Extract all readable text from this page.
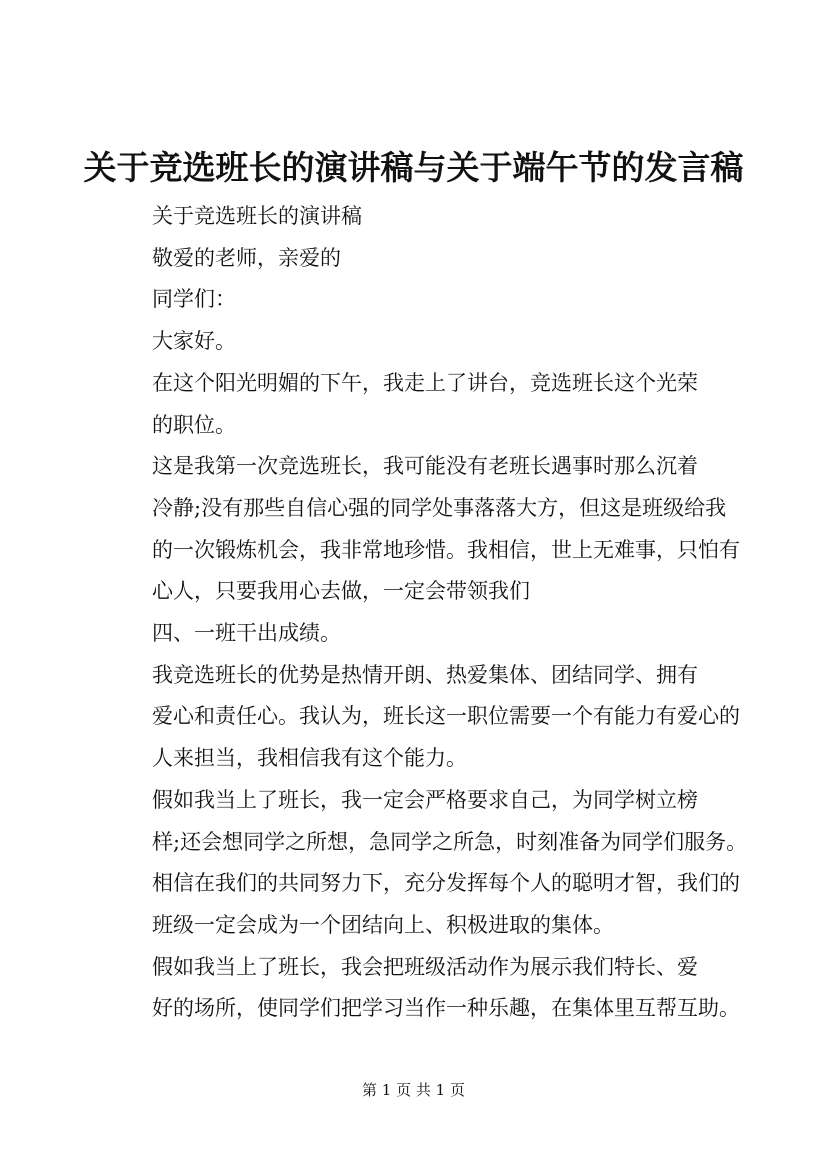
关于竞选班长的演讲稿与关于端午节的发言稿

关于竞选班长的演讲稿

敬爱的老师，亲爱的

同学们：

大家好。

在这个阳光明媚的下午，我走上了讲台，竞选班长这个光荣
的职位。

这是我第一次竞选班长，我可能没有老班长遇事时那么沉着
冷静;没有那些自信心强的同学处事落落大方，但这是班级给我
的一次锻炼机会，我非常地珍惜。我相信，世上无难事，只怕有
心人，只要我用心去做，一定会带领我们

四、一班干出成绩。

我竞选班长的优势是热情开朗、热爱集体、团结同学、拥有
爱心和责任心。我认为，班长这一职位需要一个有能力有爱心的
人来担当，我相信我有这个能力。

假如我当上了班长，我一定会严格要求自己，为同学树立榜
样;还会想同学之所想，急同学之所急，时刻准备为同学们服务。
相信在我们的共同努力下，充分发挥每个人的聪明才智，我们的
班级一定会成为一个团结向上、积极进取的集体。

假如我当上了班长，我会把班级活动作为展示我们特长、爱
好的场所，使同学们把学习当作一种乐趣，在集体里互帮互助。

第 1 页 共 1 页
